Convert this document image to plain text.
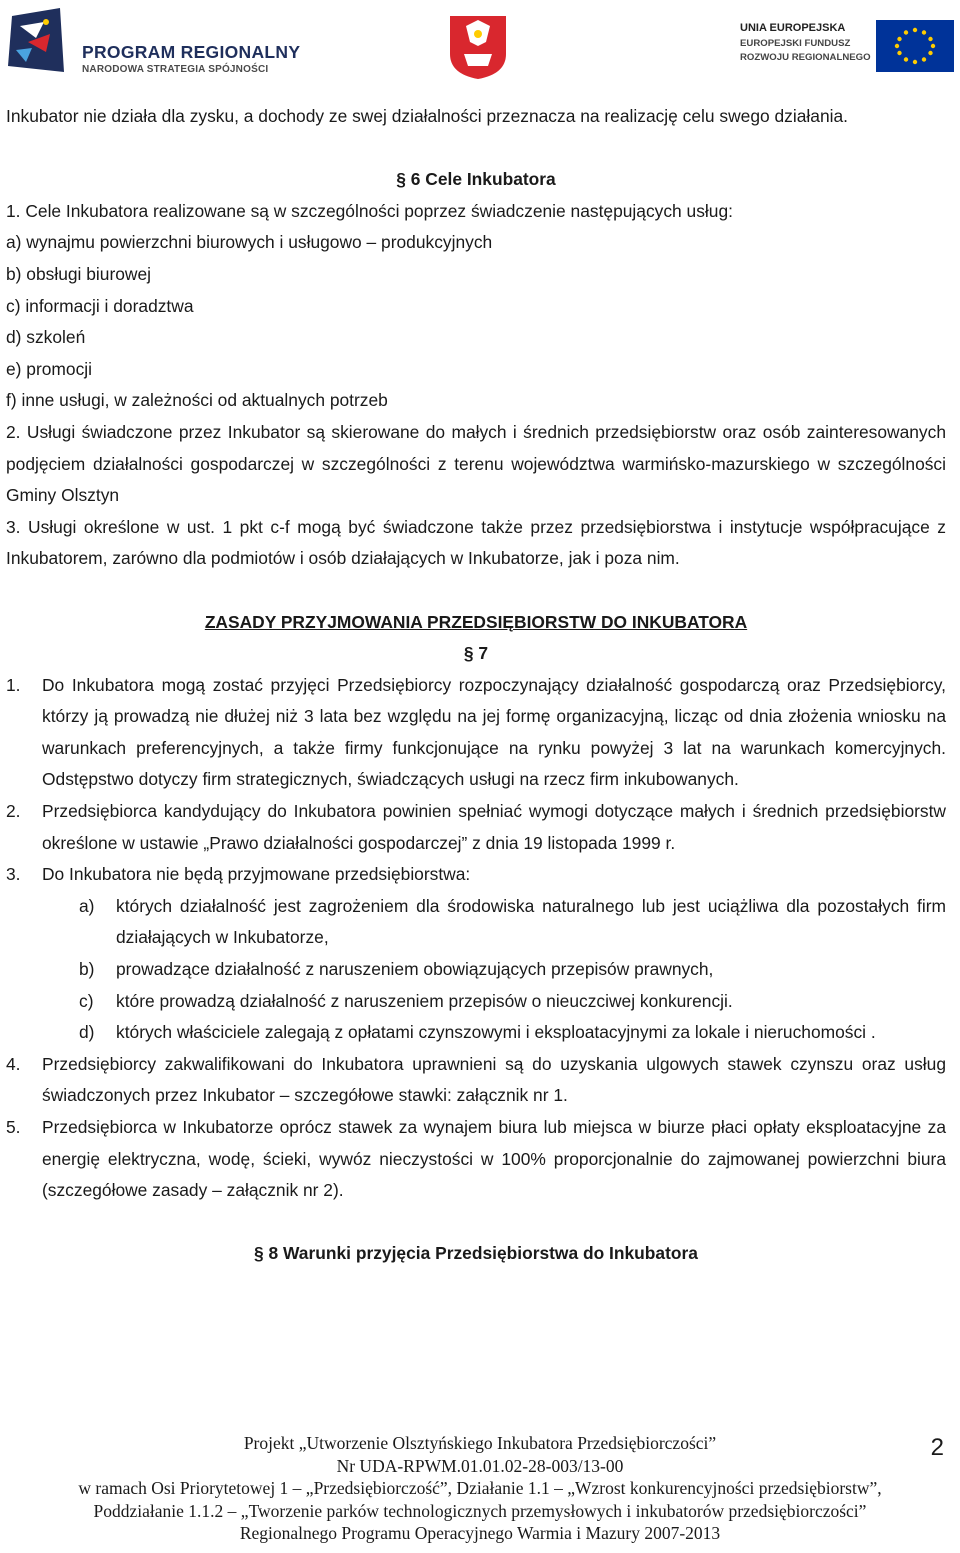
PROGRAM REGIONALNY
NARODOWA STRATEGIA SPÓJNOŚCI
UNIA EUROPEJSKA
EUROPEJSKI FUNDUSZ
ROZWOJU REGIONALNEGO

Inkubator nie działa dla zysku, a dochody ze swej działalności przeznacza na realizację celu swego działania.

§ 6 Cele Inkubatora

1. Cele Inkubatora realizowane są w szczególności poprzez świadczenie następujących usług:

a) wynajmu powierzchni biurowych i usługowo – produkcyjnych

b) obsługi biurowej

c) informacji i doradztwa

d) szkoleń

e) promocji

f) inne usługi, w zależności od aktualnych potrzeb

2. Usługi świadczone przez Inkubator są skierowane do małych i średnich przedsiębiorstw oraz osób zainteresowanych podjęciem działalności gospodarczej w szczególności z terenu województwa warmińsko-mazurskiego w szczególności Gminy Olsztyn

3. Usługi określone w ust. 1 pkt c-f mogą być świadczone także przez przedsiębiorstwa i instytucje współpracujące z Inkubatorem, zarówno dla podmiotów i osób działających w Inkubatorze, jak i poza nim.

ZASADY PRZYJMOWANIA PRZEDSIĘBIORSTW DO INKUBATORA

§ 7

1.	Do Inkubatora mogą zostać przyjęci Przedsiębiorcy rozpoczynający działalność gospodarczą oraz Przedsiębiorcy, którzy ją prowadzą nie dłużej niż 3 lata bez względu na jej formę organizacyjną, licząc od dnia złożenia wniosku na warunkach preferencyjnych, a także firmy funkcjonujące na rynku powyżej 3 lat na warunkach komercyjnych. Odstępstwo dotyczy firm strategicznych, świadczących usługi na rzecz firm inkubowanych.
2.	Przedsiębiorca kandydujący do Inkubatora powinien spełniać wymogi dotyczące małych i średnich przedsiębiorstw określone w ustawie „Prawo działalności gospodarczej” z dnia 19 listopada 1999 r.
3.	Do Inkubatora nie będą przyjmowane przedsiębiorstwa:
a)	których działalność jest zagrożeniem dla środowiska naturalnego lub jest uciążliwa dla pozostałych firm działających w Inkubatorze,
b)	prowadzące działalność z naruszeniem obowiązujących przepisów prawnych,
c)	które prowadzą działalność z naruszeniem przepisów o nieuczciwej konkurencji.
d)	których właściciele zalegają z opłatami czynszowymi i eksploatacyjnymi za lokale i nieruchomości .
4.	Przedsiębiorcy zakwalifikowani do Inkubatora uprawnieni są do uzyskania ulgowych stawek czynszu oraz usług świadczonych przez Inkubator – szczegółowe stawki: załącznik nr 1.
5.	Przedsiębiorca w Inkubatorze oprócz stawek za wynajem biura lub miejsca w biurze płaci opłaty eksploatacyjne za energię elektryczna, wodę, ścieki, wywóz nieczystości w 100% proporcjonalnie do zajmowanej powierzchni biura (szczegółowe zasady – załącznik nr 2).

§ 8 Warunki przyjęcia Przedsiębiorstwa do Inkubatora

Projekt „Utworzenie Olsztyńskiego Inkubatora Przedsiębiorczości”
Nr UDA-RPWM.01.01.02-28-003/13-00
w ramach Osi Priorytetowej 1 – „Przedsiębiorczość”, Działanie 1.1 – „Wzrost konkurencyjności przedsiębiorstw”,
Poddziałanie 1.1.2 – „Tworzenie parków technologicznych przemysłowych i inkubatorów przedsiębiorczości”
Regionalnego Programu Operacyjnego Warmia i Mazury 2007-2013
2
